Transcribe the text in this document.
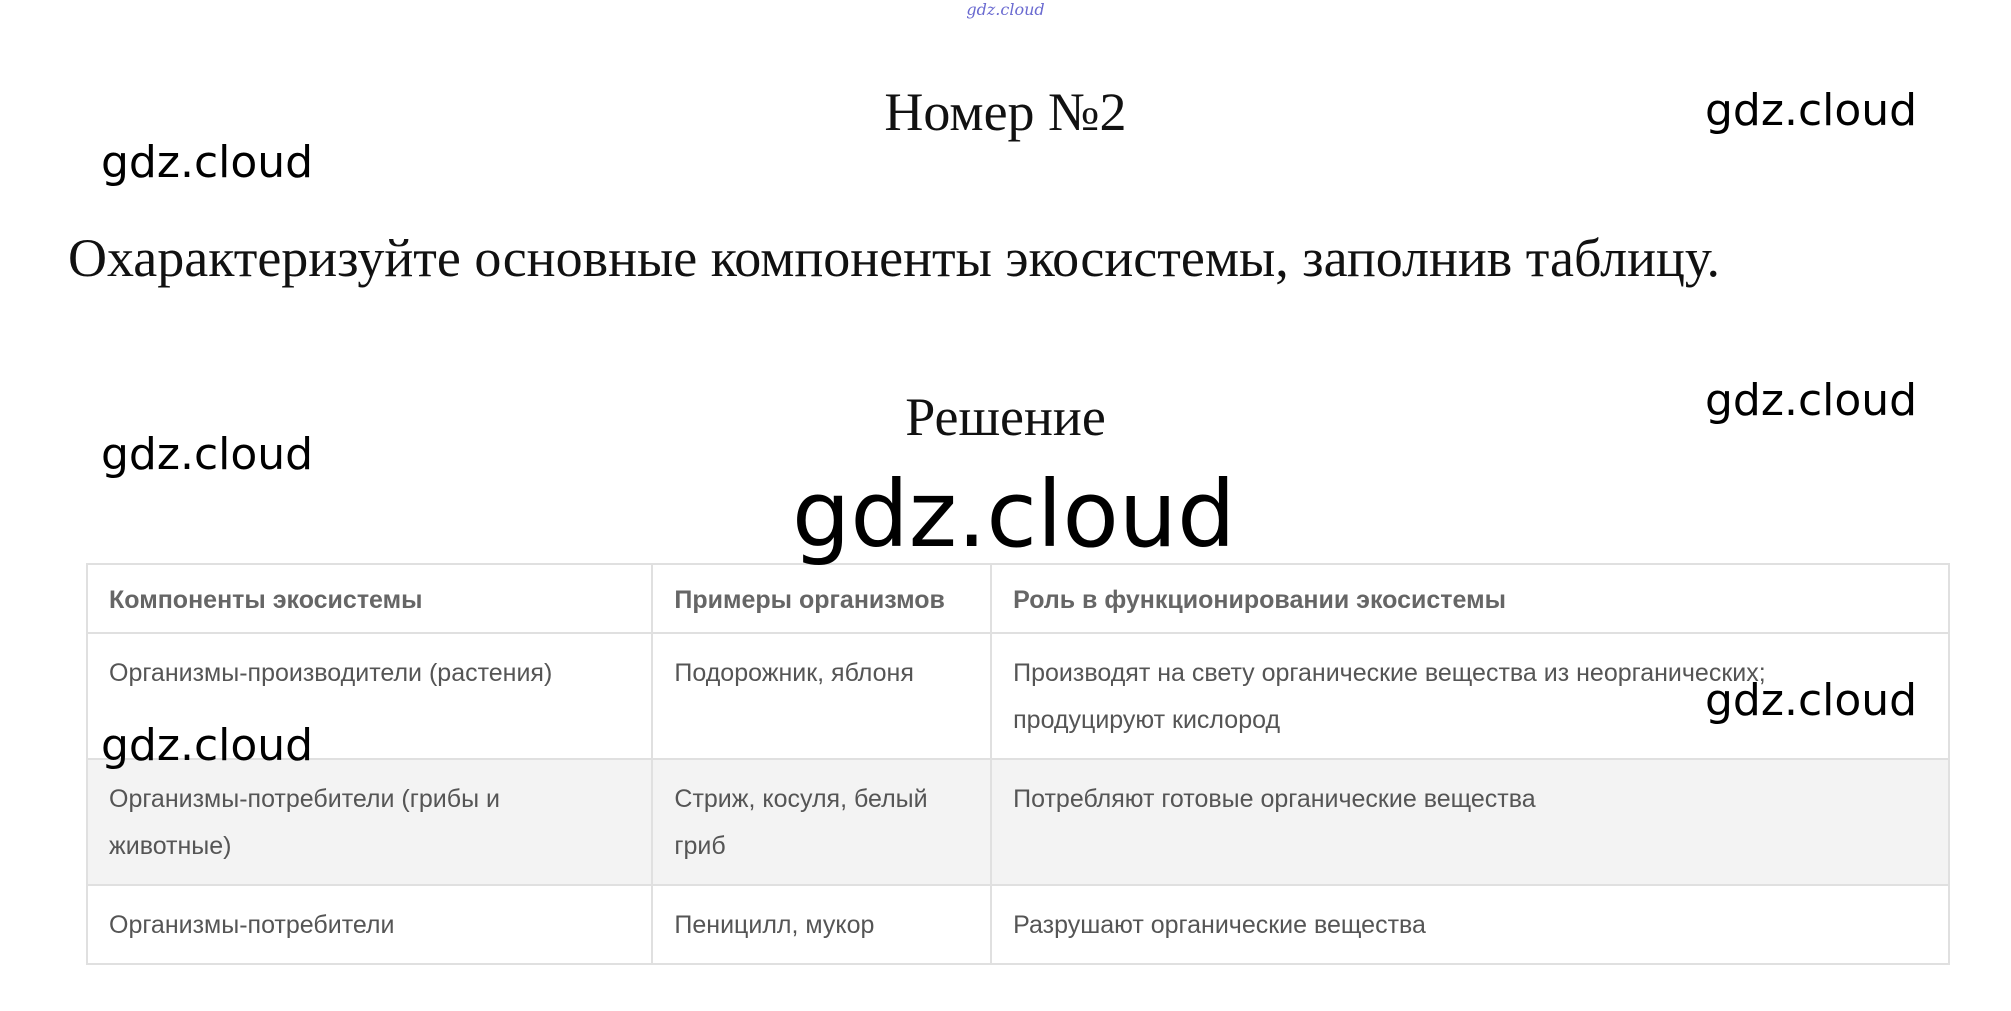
gdz.cloud
Номер №2
Охарактеризуйте основные компоненты экосистемы, заполнив таблицу.
Решение
gdz.cloud
gdz.cloud
gdz.cloud
gdz.cloud
gdz.cloud
gdz.cloud
gdz.cloud
Компоненты экосистемы	Примеры организмов	Роль в функционировании экосистемы
Организмы-производители (растения)	Подорожник, яблоня	Производят на свету органические вещества из неорганических; продуцируют кислород
Организмы-потребители (грибы и животные)	Стриж, косуля, белый гриб	Потребляют готовые органические вещества
Организмы-потребители	Пеницилл, мукор	Разрушают органические вещества
